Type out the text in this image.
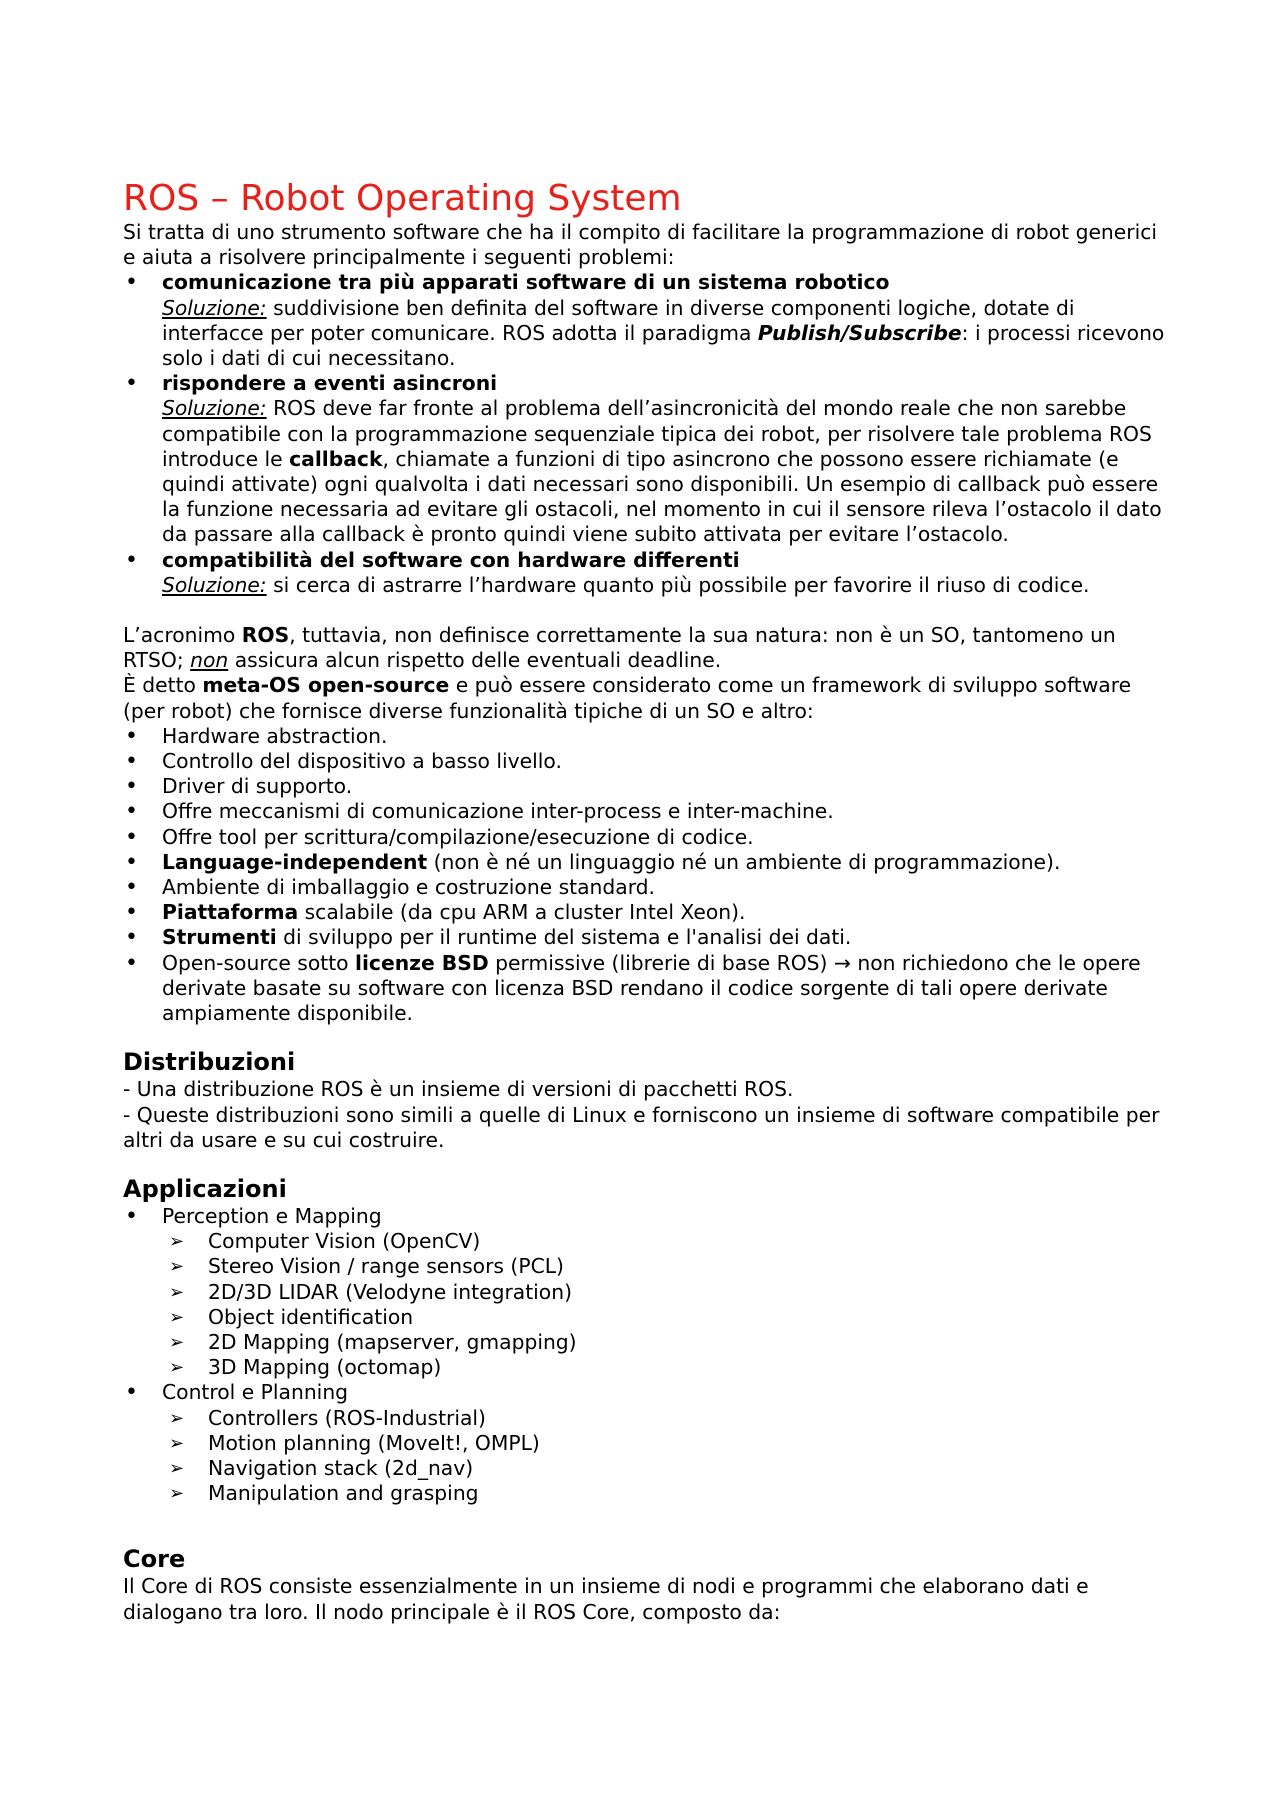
ROS – Robot Operating System

Si tratta di uno strumento software che ha il compito di facilitare la programmazione di robot generici e aiuta a risolvere principalmente i seguenti problemi:

• comunicazione tra più apparati software di un sistema robotico
Soluzione: suddivisione ben definita del software in diverse componenti logiche, dotate di interfacce per poter comunicare. ROS adotta il paradigma Publish/Subscribe: i processi ricevono solo i dati di cui necessitano.
• rispondere a eventi asincroni
Soluzione: ROS deve far fronte al problema dell’asincronicità del mondo reale che non sarebbe compatibile con la programmazione sequenziale tipica dei robot, per risolvere tale problema ROS introduce le callback, chiamate a funzioni di tipo asincrono che possono essere richiamate (e quindi attivate) ogni qualvolta i dati necessari sono disponibili. Un esempio di callback può essere la funzione necessaria ad evitare gli ostacoli, nel momento in cui il sensore rileva l’ostacolo il dato da passare alla callback è pronto quindi viene subito attivata per evitare l’ostacolo.
• compatibilità del software con hardware differenti
Soluzione: si cerca di astrarre l’hardware quanto più possibile per favorire il riuso di codice.

L’acronimo ROS, tuttavia, non definisce correttamente la sua natura: non è un SO, tantomeno un RTSO; non assicura alcun rispetto delle eventuali deadline.

È detto meta-OS open-source e può essere considerato come un framework di sviluppo software (per robot) che fornisce diverse funzionalità tipiche di un SO e altro:

• Hardware abstraction.
• Controllo del dispositivo a basso livello.
• Driver di supporto.
• Offre meccanismi di comunicazione inter-process e inter-machine.
• Offre tool per scrittura/compilazione/esecuzione di codice.
• Language-independent (non è né un linguaggio né un ambiente di programmazione).
• Ambiente di imballaggio e costruzione standard.
• Piattaforma scalabile (da cpu ARM a cluster Intel Xeon).
• Strumenti di sviluppo per il runtime del sistema e l'analisi dei dati.
• Open-source sotto licenze BSD permissive (librerie di base ROS) → non richiedono che le opere derivate basate su software con licenza BSD rendano il codice sorgente di tali opere derivate ampiamente disponibile.
Distribuzioni

- Una distribuzione ROS è un insieme di versioni di pacchetti ROS.

- Queste distribuzioni sono simili a quelle di Linux e forniscono un insieme di software compatibile per altri da usare e su cui costruire.

Applicazioni
• Perception e Mapping
➢ Computer Vision (OpenCV)
➢ Stereo Vision / range sensors (PCL)
➢ 2D/3D LIDAR (Velodyne integration)
➢ Object identification
➢ 2D Mapping (mapserver, gmapping)
➢ 3D Mapping (octomap)
• Control e Planning
➢ Controllers (ROS-Industrial)
➢ Motion planning (MoveIt!, OMPL)
➢ Navigation stack (2d_nav)
➢ Manipulation and grasping
Core

Il Core di ROS consiste essenzialmente in un insieme di nodi e programmi che elaborano dati e dialogano tra loro. Il nodo principale è il ROS Core, composto da:
